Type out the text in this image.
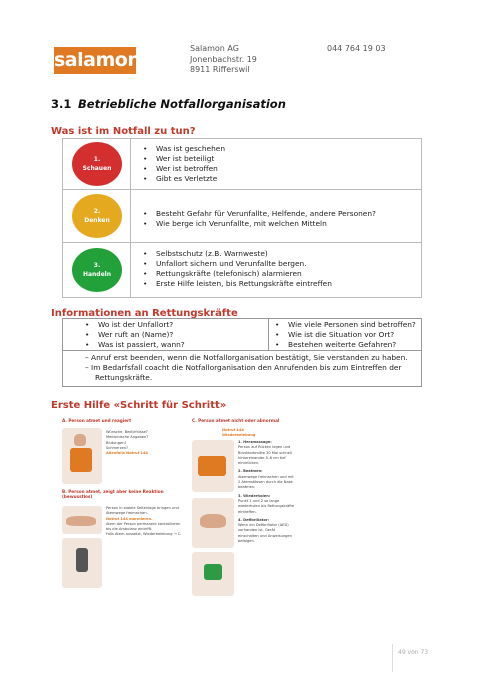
salamon
Salamon AG
Jonenbachstr. 19
8911 Rifferswil
044 764 19 03
3.1 Betriebliche Notfallorganisation
Was ist im Notfall zu tun?
1.
Schauen
• Was ist geschehen
• Wer ist beteiligt
• Wer ist betroffen
• Gibt es Verletzte
2.
Denken
• Besteht Gefahr für Verunfallte, Helfende, andere Personen?
• Wie berge ich Verunfallte, mit welchen Mitteln
3.
Handeln
• Selbstschutz (z.B. Warnweste)
• Unfallort sichern und Verunfallte bergen.
• Rettungskräfte (telefonisch) alarmieren
• Erste Hilfe leisten, bis Rettungskräfte eintreffen
Informationen an Rettungskräfte
• Wo ist der Unfallort?
• Wer ruft an (Name)?
• Was ist passiert, wann?
• Wie viele Personen sind betroffen?
• Wie ist die Situation vor Ort?
• Bestehen weiterte Gefahren?

– Anruf erst beenden, wenn die Notfallorganisation bestätigt, Sie verstanden zu haben.

– Im Bedarfsfall coacht die Notfallorganisation den Anrufenden bis zum Eintreffen der Rettungskräfte.

Erste Hilfe «Schritt für Schritt»
A. Person atmet und reagiert
Wünsche, Bedürfnisse?
Medizinische Angaben?
Blutungen?
Schmerzen?
Allenfalls Notruf 144
B. Person atmet, zeigt aber keine Reaktion (bewusstlos)
Person in stabile Seitenlage bringen und Atemwege freimachen.
Notruf 144 alarmieren.
Atem der Person permanent kontrollieren bis die Ambulanz eintrifft.
Falls Atem aussetzt, Wiederbelebung → C.
C. Person atmet nicht oder abnormal
Notruf 144
Wiederbelebung
1. Herzmassage:
Person auf Rücken legen und Brustkorbmitte 30 Mal schnell hintereinander 5–6 cm tief eindrücken.
2. Beatmen:
Atemwege freimachen und mit 2 Atemstössen durch die Nase beatmen.
3. Wiederholen:
Punkt 1 und 2 so lange wiederholen bis Rettungskräfte eintreffen.
4. Defibrillator:
Wenn ein Defibrillator (AED) vorhanden ist, Gerät einschalten und Anweisungen befolgen.
49 von 73
